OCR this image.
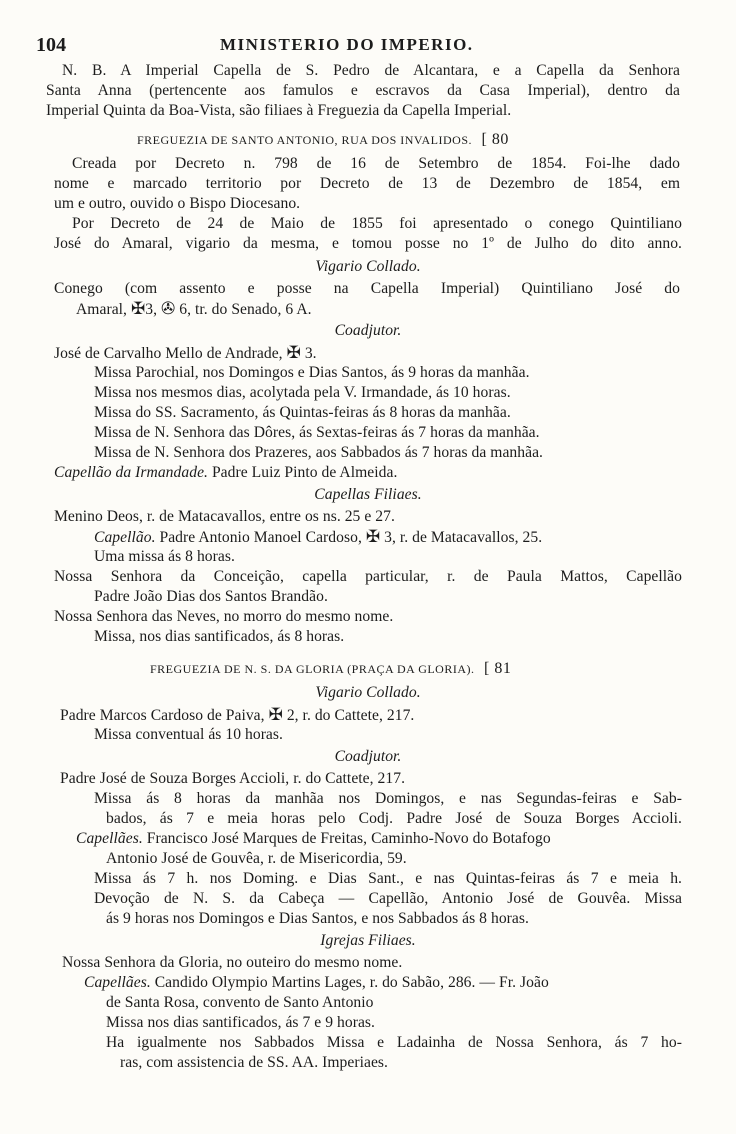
104	MINISTERIO DO IMPERIO.
N. B. A Imperial Capella de S. Pedro de Alcantara, e a Capella da Senhora
Santa Anna (pertencente aos famulos e escravos da Casa Imperial), dentro da
Imperial Quinta da Boa-Vista, são filiaes à Freguezia da Capella Imperial.
FREGUEZIA DE SANTO ANTONIO, RUA DOS INVALIDOS. [ 80
Creada por Decreto n. 798 de 16 de Setembro de 1854. Foi-lhe dado
nome e marcado territorio por Decreto de 13 de Dezembro de 1854, em
um e outro, ouvido o Bispo Diocesano.
Por Decreto de 24 de Maio de 1855 foi apresentado o conego Quintiliano
José do Amaral, vigario da mesma, e tomou posse no 1º de Julho do dito anno.
Vigario Collado.
Conego (com assento e posse na Capella Imperial) Quintiliano José do
Amaral, ✠3, ✇ 6, tr. do Senado, 6 A.
Coadjutor.
José de Carvalho Mello de Andrade, ✠ 3.
Missa Parochial, nos Domingos e Dias Santos, ás 9 horas da manhãa.
Missa nos mesmos dias, acolytada pela V. Irmandade, ás 10 horas.
Missa do SS. Sacramento, ás Quintas-feiras ás 8 horas da manhãa.
Missa de N. Senhora das Dôres, ás Sextas-feiras ás 7 horas da manhãa.
Missa de N. Senhora dos Prazeres, aos Sabbados ás 7 horas da manhãa.
Capellão da Irmandade. Padre Luiz Pinto de Almeida.
Capellas Filiaes.
Menino Deos, r. de Matacavallos, entre os ns. 25 e 27.
Capellão. Padre Antonio Manoel Cardoso, ✠ 3, r. de Matacavallos, 25.
Uma missa ás 8 horas.
Nossa Senhora da Conceição, capella particular, r. de Paula Mattos, Capellão
Padre João Dias dos Santos Brandão.
Nossa Senhora das Neves, no morro do mesmo nome.
Missa, nos dias santificados, ás 8 horas.
FREGUEZIA DE N. S. DA GLORIA (PRAÇA DA GLORIA). [ 81
Vigario Collado.
Padre Marcos Cardoso de Paiva, ✠ 2, r. do Cattete, 217.
Missa conventual ás 10 horas.
Coadjutor.
Padre José de Souza Borges Accioli, r. do Cattete, 217.
Missa ás 8 horas da manhãa nos Domingos, e nas Segundas-feiras e Sab-
bados, ás 7 e meia horas pelo Codj. Padre José de Souza Borges Accioli.
Capellães. Francisco José Marques de Freitas, Caminho-Novo do Botafogo
Antonio José de Gouvêa, r. de Misericordia, 59.
Missa ás 7 h. nos Doming. e Dias Sant., e nas Quintas-feiras ás 7 e meia h.
Devoção de N. S. da Cabeça — Capellão, Antonio José de Gouvêa. Missa
ás 9 horas nos Domingos e Dias Santos, e nos Sabbados ás 8 horas.
Igrejas Filiaes.
Nossa Senhora da Gloria, no outeiro do mesmo nome.
Capellães. Candido Olympio Martins Lages, r. do Sabão, 286. — Fr. João
de Santa Rosa, convento de Santo Antonio
Missa nos dias santificados, ás 7 e 9 horas.
Ha igualmente nos Sabbados Missa e Ladainha de Nossa Senhora, ás 7 ho-
ras, com assistencia de SS. AA. Imperiaes.
